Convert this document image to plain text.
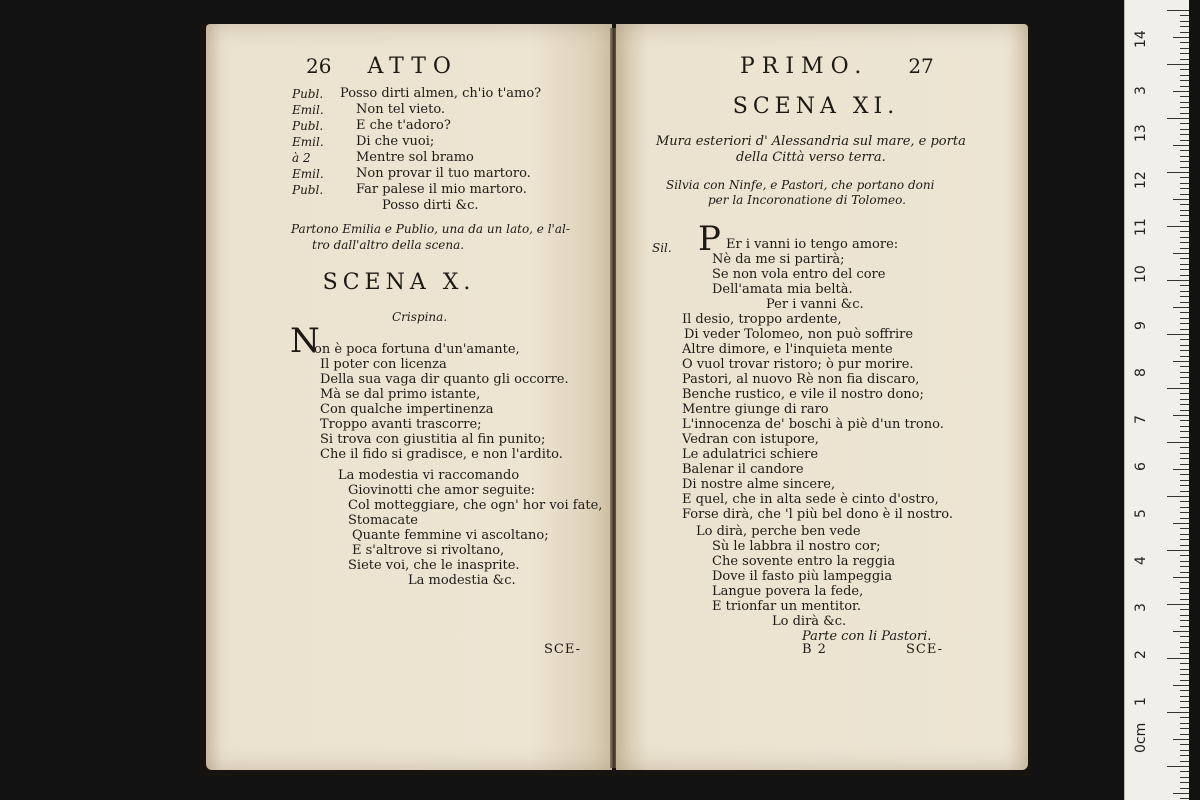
26 ATTO
Publ. Posso dirti almen, ch'io t'amo?
Emil. Non tel vieto.
Publ.	E che t'adoro?
Emil. Di che vuoi;
à 2	Mentre sol bramo
Emil. Non provar il tuo martoro.
Publ.	Far palese il mio martoro.
Posso dirti &c.
Partono Emilia e Publio, una da un lato, e l'al-
tro dall'altro della scena.
SCENA X.
Crispina.
N
on è poca fortuna d'un'amante,
Il poter con licenza
Della sua vaga dir quanto gli occorre.
Mà se dal primo istante,
Con qualche impertinenza
Troppo avanti trascorre;
Si trova con giustitia al fin punito;
Che il fido si gradisce, e non l'ardito.
La modestia vi raccomando
Giovinotti che amor seguite:
Col motteggiare, che ogn' hor voi fate,
Stomacate
Quante femmine vi ascoltano;
E s'altrove si rivoltano,
Siete voi, che le inasprite.
La modestia &c.
SCE-
PRIMO. 27
SCENA XI.
Mura esteriori d' Alessandria sul mare, e porta
della Città verso terra.
Silvia con Ninfe, e Pastori, che portano doni
per la Incoronatione di Tolomeo.
Sil. P Er i vanni io tengo amore:
Nè da me si partirà;
Se non vola entro del core
Dell'amata mia beltà.
Per i vanni &c.
Il desio, troppo ardente,
Di veder Tolomeo, non può soffrire
Altre dimore, e l'inquieta mente
O vuol trovar ristoro; ò pur morire.
Pastori, al nuovo Rè non fia discaro,
Benche rustico, e vile il nostro dono;
Mentre giunge di raro
L'innocenza de' boschi à piè d'un trono.
Vedran con istupore,
Le adulatrici schiere
Balenar il candore
Di nostre alme sincere,
E quel, che in alta sede è cinto d'ostro,
Forse dirà, che 'l più bel dono è il nostro.
Lo dirà, perche ben vede
Sù le labbra il nostro cor;
Che sovente entro la reggia
Dove il fasto più lampeggia
Langue povera la fede,
E trionfar un mentitor.
Lo dirà &c.
Parte con li Pastori.
B 2	SCE-
14
3
13
12
11
10
9
8
7
6
5
4
3
2
1
0cm
